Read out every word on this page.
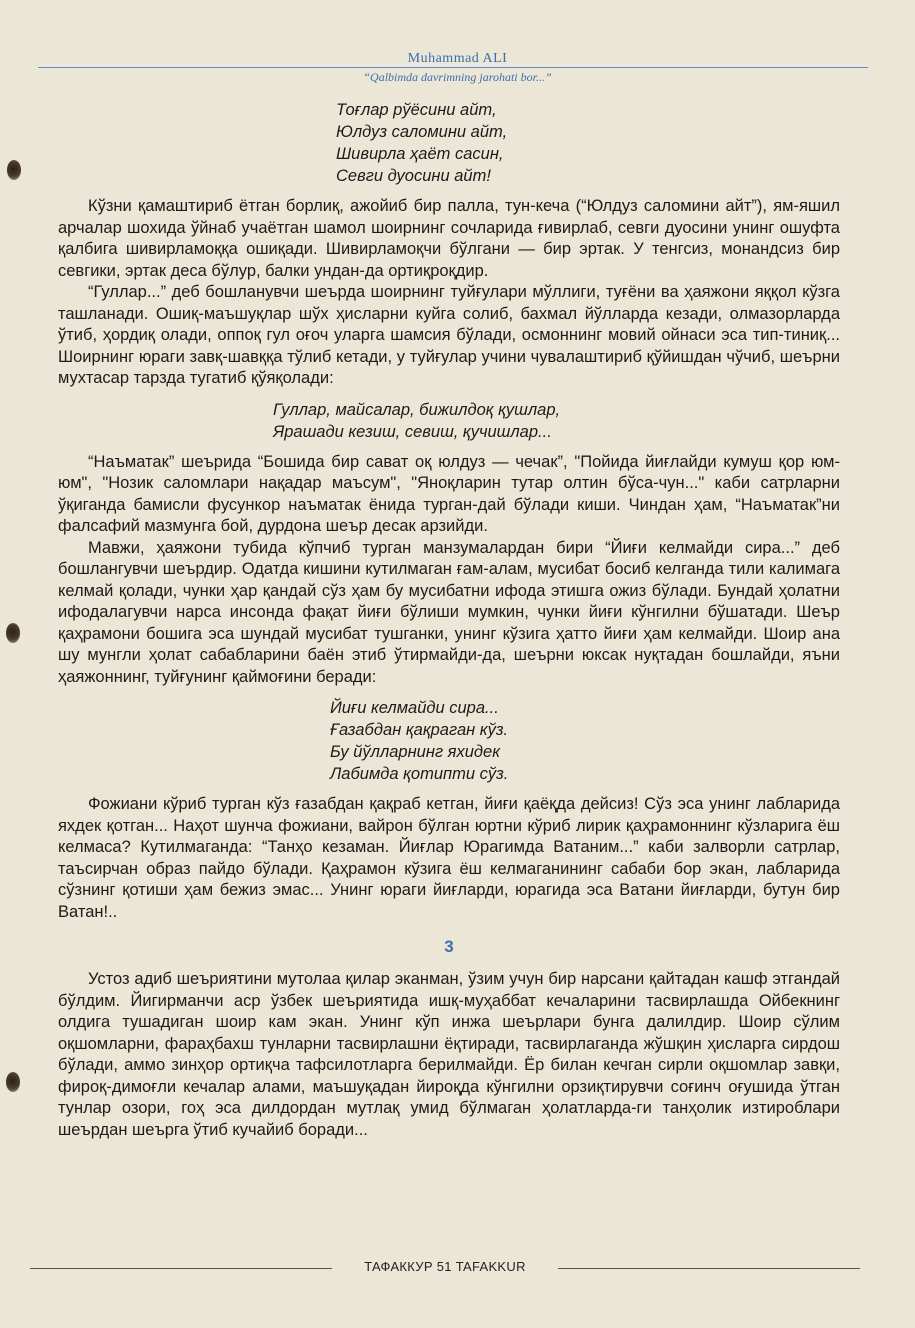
Muhammad ALI
“Qalbimda davrimning jarohati bor...”
Тоғлар рўёсини айт,
Юлдуз саломини айт,
Шивирла ҳаёт сасин,
Севги дуосини айт!

Кўзни қамаштириб ётган борлиқ, ажойиб бир палла, тун-кеча (“Юлдуз саломини айт”), ям-яшил арчалар шохида ўйнаб учаётган шамол шоирнинг сочларида ғивирлаб, севги дуосини унинг ошуфта қалбига шивирламоққа ошиқади. Шивирламоқчи бўлгани — бир эртак. У тенгсиз, монандсиз бир севгики, эртак деса бўлур, балки ундан-да ортиқроқдир.

“Гуллар...” деб бошланувчи шеърда шоирнинг туйғулари мўллиги, туғёни ва ҳаяжони яққол кўзга ташланади. Ошиқ-маъшуқлар шўх ҳисларни куйга солиб, бахмал йўлларда кезади, олмазорларда ўтиб, ҳордиқ олади, оппоқ гул оғоч уларга шамсия бўлади, осмоннинг мовий ойнаси эса тип-тиниқ... Шоирнинг юраги завқ-шавққа тўлиб кетади, у туйғулар учини чувалаштириб қўйишдан чўчиб, шеърни мухтасар тарзда тугатиб қўяқолади:

Гуллар, майсалар, бижилдоқ қушлар,
Ярашади кезиш, севиш, қучишлар...

“Наъматак” шеърида “Бошида бир сават оқ юлдуз — чечак”, "Пойида йиғлайди кумуш қор юм-юм", "Нозик саломлари нақадар маъсум", "Яноқларин тутар олтин бўса-чун..." каби сатрларни ўқиганда бамисли фусункор наъматак ёнида турган-дай бўлади киши. Чиндан ҳам, “Наъматак”ни фалсафий мазмунга бой, дурдона шеър десак арзийди.

Мавжи, ҳаяжони тубида кўпчиб турган манзумалардан бири “Йиғи келмайди сира...” деб бошлангувчи шеърдир. Одатда кишини кутилмаган ғам-алам, мусибат босиб келганда тили калимага келмай қолади, чунки ҳар қандай сўз ҳам бу мусибатни ифода этишга ожиз бўлади. Бундай ҳолатни ифодалагувчи нарса инсонда фақат йиғи бўлиши мумкин, чунки йиғи кўнгилни бўшатади. Шеър қаҳрамони бошига эса шундай мусибат тушганки, унинг кўзига ҳатто йиғи ҳам келмайди. Шоир ана шу мунгли ҳолат сабабларини баён этиб ўтирмайди-да, шеърни юксак нуқтадан бошлайди, яъни ҳаяжоннинг, туйғунинг қаймоғини беради:

Йиғи келмайди сира...
Ғазабдан қақраган кўз.
Бу йўлларнинг яхидек
Лабимда қотипти сўз.

Фожиани кўриб турган кўз ғазабдан қақраб кетган, йиғи қаёқда дейсиз! Сўз эса унинг лабларида яхдек қотган... Наҳот шунча фожиани, вайрон бўлган юртни кўриб лирик қаҳрамоннинг кўзларига ёш келмаса? Кутилмаганда: “Танҳо кезаман. Йиғлар Юрагимда Ватаним...” каби залворли сатрлар, таъсирчан образ пайдо бўлади. Қаҳрамон кўзига ёш келмаганининг сабаби бор экан, лабларида сўзнинг қотиши ҳам бежиз эмас... Унинг юраги йиғларди, юрагида эса Ватани йиғларди, бутун бир Ватан!..

3

Устоз адиб шеъриятини мутолаа қилар эканман, ўзим учун бир нарсани қайтадан кашф этгандай бўлдим. Йигирманчи аср ўзбек шеъриятида ишқ-муҳаббат кечаларини тасвирлашда Ойбекнинг олдига тушадиган шоир кам экан. Унинг кўп инжа шеърлари бунга далилдир. Шоир сўлим оқшомларни, фараҳбахш тунларни тасвирлашни ёқтиради, тасвирлаганда жўшқин ҳисларга сирдош бўлади, аммо зинҳор ортиқча тафсилотларга берилмайди. Ёр билан кечган сирли оқшомлар завқи, фироқ-димоғли кечалар алами, маъшуқадан йироқда кўнгилни орзиқтирувчи соғинч оғушида ўтган тунлар озори, гоҳ эса дилдордан мутлақ умид бўлмаган ҳолатларда-ги танҳолик изтироблари шеърдан шеърга ўтиб кучайиб боради...

ТАФАККУР 51 TAFAKKUR
